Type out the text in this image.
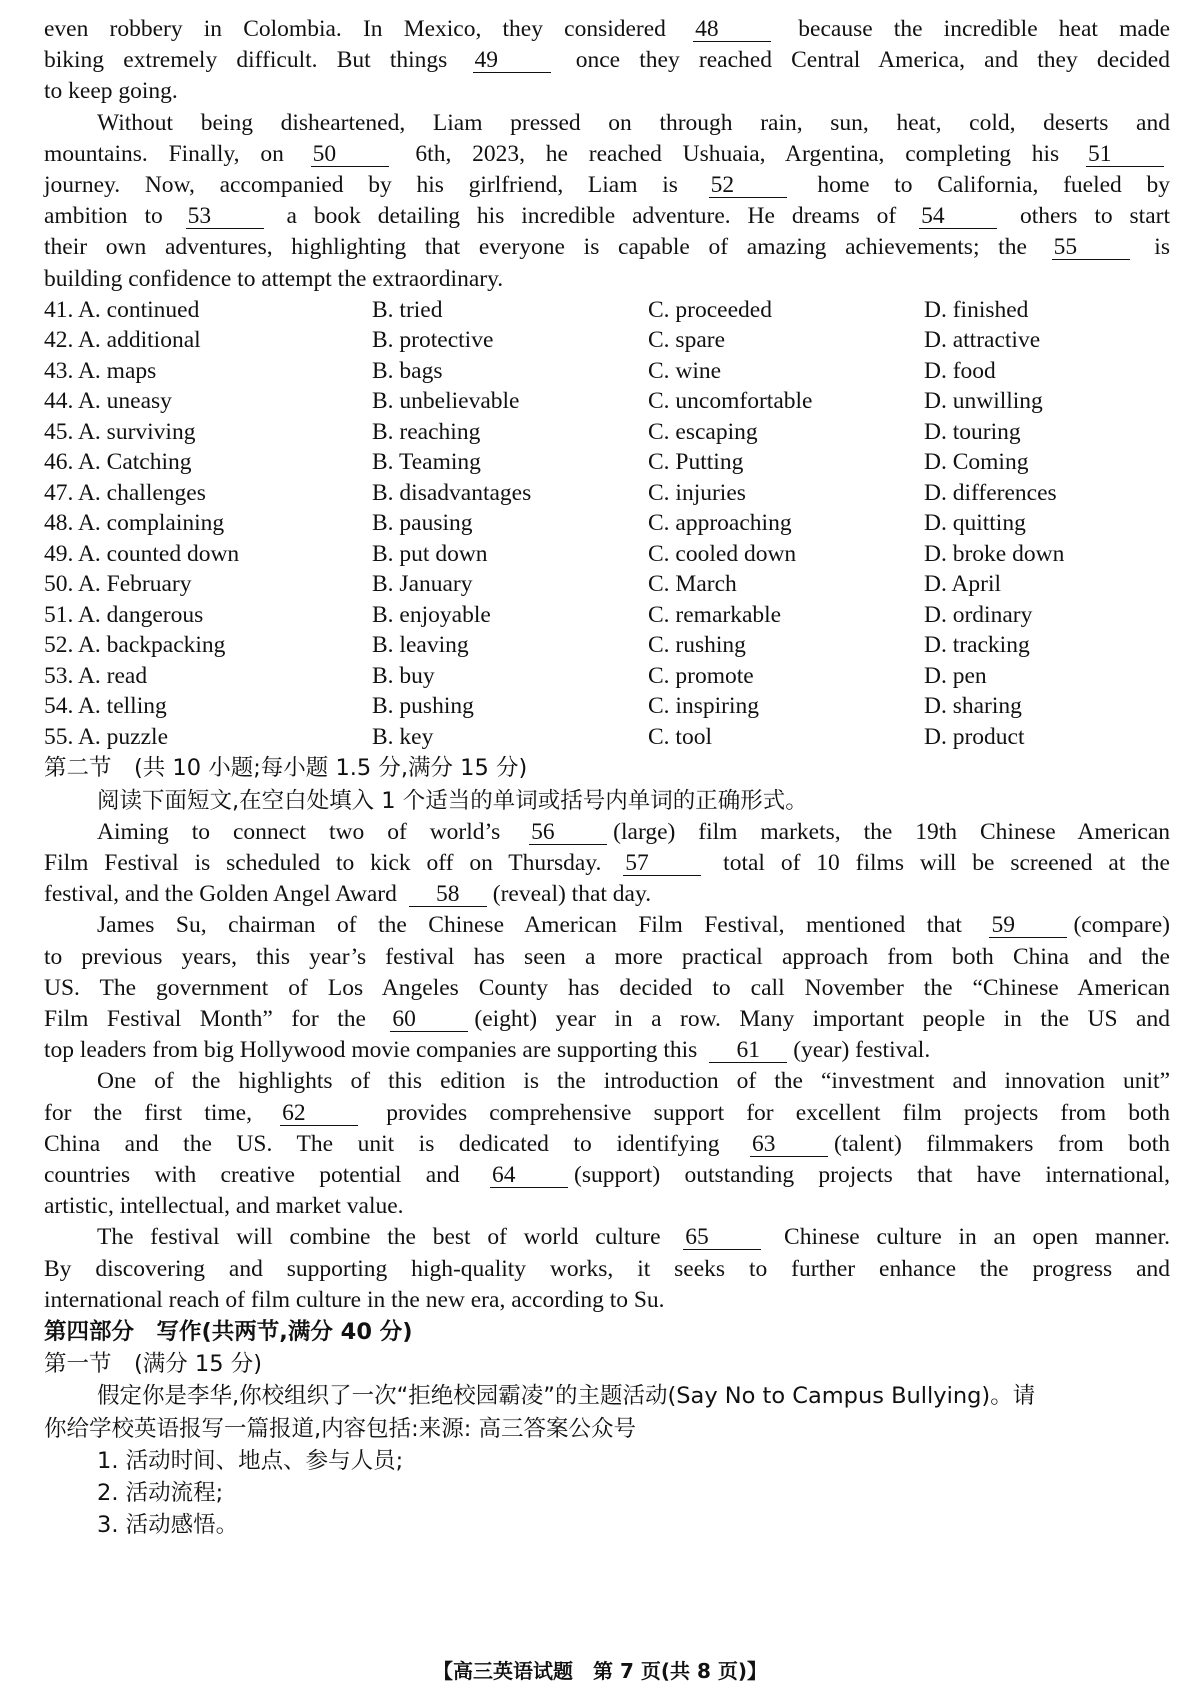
even robbery in Colombia. In Mexico, they considered 48 because the incredible heat made
biking extremely difficult. But things 49 once they reached Central America, and they decided
to keep going.
Without being disheartened, Liam pressed on through rain, sun, heat, cold, deserts and
mountains. Finally, on 50 6th, 2023, he reached Ushuaia, Argentina, completing his 51
journey. Now, accompanied by his girlfriend, Liam is 52 home to California, fueled by
ambition to 53 a book detailing his incredible adventure. He dreams of 54 others to start
their own adventures, highlighting that everyone is capable of amazing achievements; the 55 is
building confidence to attempt the extraordinary.
41. A. continued	B. tried	C. proceeded	D. finished
42. A. additional	B. protective	C. spare	D. attractive
43. A. maps	B. bags	C. wine	D. food
44. A. uneasy	B. unbelievable	C. uncomfortable	D. unwilling
45. A. surviving	B. reaching	C. escaping	D. touring
46. A. Catching	B. Teaming	C. Putting	D. Coming
47. A. challenges	B. disadvantages	C. injuries	D. differences
48. A. complaining	B. pausing	C. approaching	D. quitting
49. A. counted down	B. put down	C. cooled down	D. broke down
50. A. February	B. January	C. March	D. April
51. A. dangerous	B. enjoyable	C. remarkable	D. ordinary
52. A. backpacking	B. leaving	C. rushing	D. tracking
53. A. read	B. buy	C. promote	D. pen
54. A. telling	B. pushing	C. inspiring	D. sharing
55. A. puzzle	B. key	C. tool	D. product
第二节　(共 10 小题;每小题 1.5 分,满分 15 分)
阅读下面短文,在空白处填入 1 个适当的单词或括号内单词的正确形式。
Aiming to connect two of world’s 56 (large) film markets, the 19th Chinese American
Film Festival is scheduled to kick off on Thursday. 57 total of 10 films will be screened at the
festival, and the Golden Angel Award 58 (reveal) that day.
James Su, chairman of the Chinese American Film Festival, mentioned that 59 (compare)
to previous years, this year’s festival has seen a more practical approach from both China and the
US. The government of Los Angeles County has decided to call November the “Chinese American
Film Festival Month” for the 60 (eight) year in a row. Many important people in the US and
top leaders from big Hollywood movie companies are supporting this 61 (year) festival.
One of the highlights of this edition is the introduction of the “investment and innovation unit”
for the first time, 62 provides comprehensive support for excellent film projects from both
China and the US. The unit is dedicated to identifying 63 (talent) filmmakers from both
countries with creative potential and 64 (support) outstanding projects that have international,
artistic, intellectual, and market value.
The festival will combine the best of world culture 65 Chinese culture in an open manner.
By discovering and supporting high-quality works, it seeks to further enhance the progress and
international reach of film culture in the new era, according to Su.
第四部分　写作(共两节,满分 40 分)
第一节　(满分 15 分)
假定你是李华,你校组织了一次“拒绝校园霸凌”的主题活动(Say No to Campus Bullying)。请
你给学校英语报写一篇报道,内容包括:来源: 高三答案公众号
1. 活动时间、地点、参与人员;
2. 活动流程;
3. 活动感悟。
【高三英语试题　第 7 页(共 8 页)】
